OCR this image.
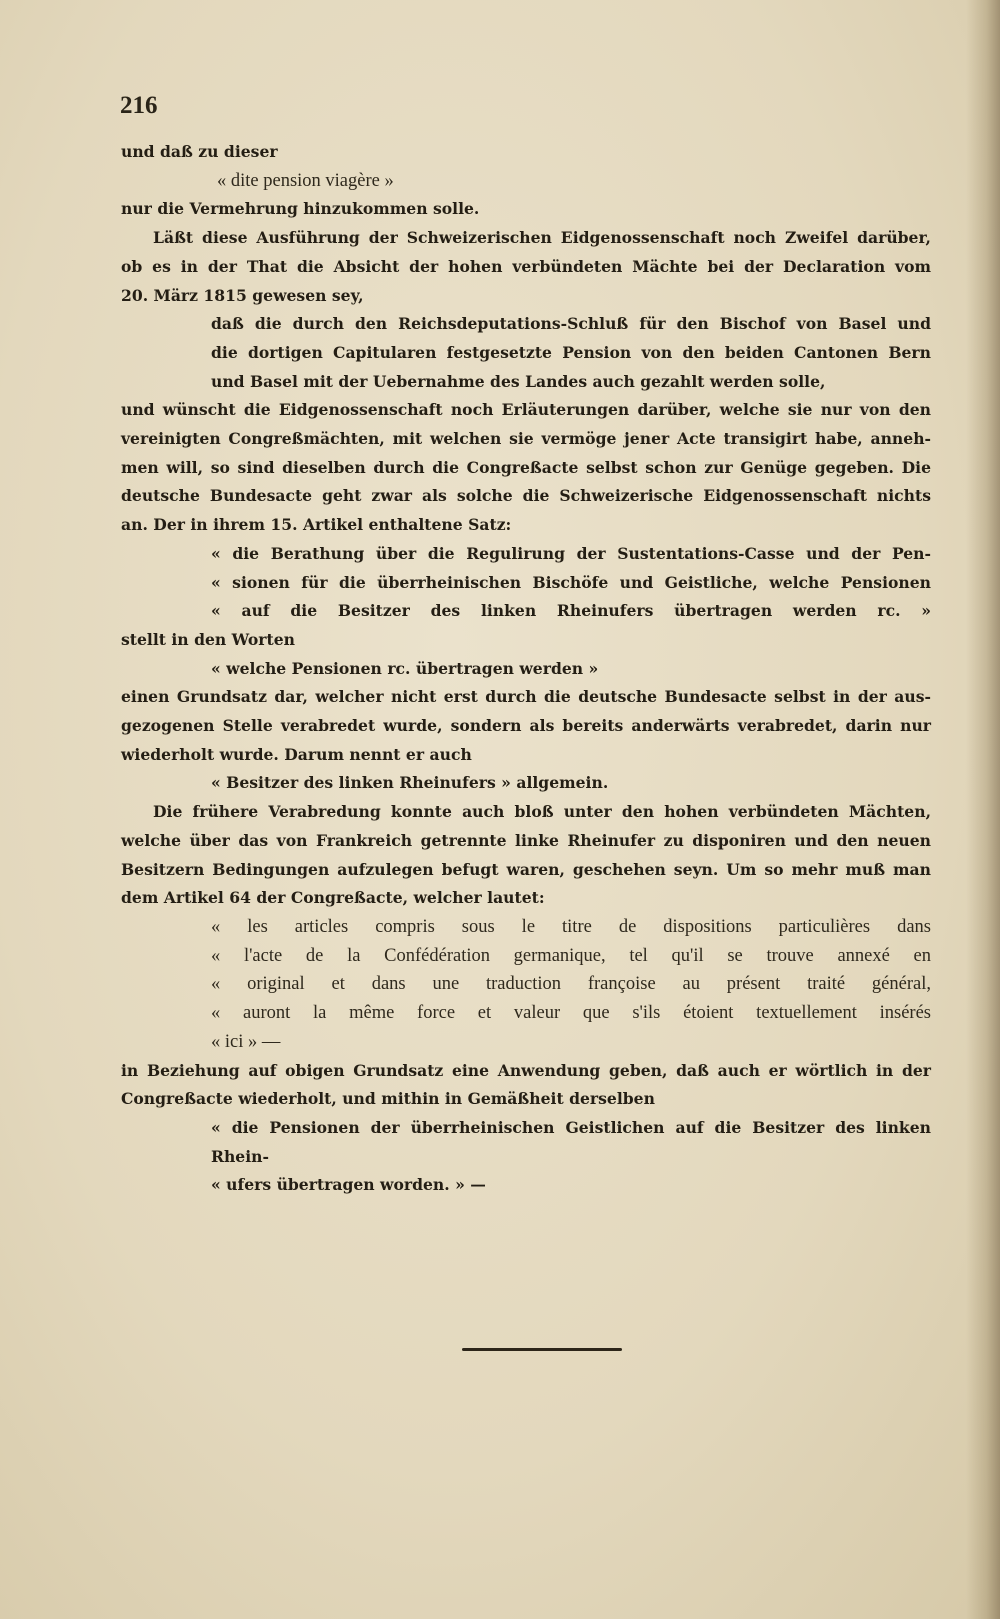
216
und daß zu dieser
« dite pension viagère »
nur die Vermehrung hinzukommen solle.
Läßt diese Ausführung der Schweizerischen Eidgenossenschaft noch Zweifel darüber,
ob es in der That die Absicht der hohen verbündeten Mächte bei der Declaration vom
20. März 1815 gewesen sey,
daß die durch den Reichsdeputations-Schluß für den Bischof von Basel und
die dortigen Capitularen festgesetzte Pension von den beiden Cantonen Bern
und Basel mit der Uebernahme des Landes auch gezahlt werden solle,
und wünscht die Eidgenossenschaft noch Erläuterungen darüber, welche sie nur von den
vereinigten Congreßmächten, mit welchen sie vermöge jener Acte transigirt habe, anneh-
men will, so sind dieselben durch die Congreßacte selbst schon zur Genüge gegeben. Die
deutsche Bundesacte geht zwar als solche die Schweizerische Eidgenossenschaft nichts
an. Der in ihrem 15. Artikel enthaltene Satz:
« die Berathung über die Regulirung der Sustentations-Casse und der Pen-
« sionen für die überrheinischen Bischöfe und Geistliche, welche Pensionen
« auf die Besitzer des linken Rheinufers übertragen werden rc. »
stellt in den Worten
« welche Pensionen rc. übertragen werden »
einen Grundsatz dar, welcher nicht erst durch die deutsche Bundesacte selbst in der aus-
gezogenen Stelle verabredet wurde, sondern als bereits anderwärts verabredet, darin nur
wiederholt wurde. Darum nennt er auch
« Besitzer des linken Rheinufers » allgemein.
Die frühere Verabredung konnte auch bloß unter den hohen verbündeten Mächten,
welche über das von Frankreich getrennte linke Rheinufer zu disponiren und den neuen
Besitzern Bedingungen aufzulegen befugt waren, geschehen seyn. Um so mehr muß man
dem Artikel 64 der Congreßacte, welcher lautet:
« les articles compris sous le titre de dispositions particulières dans
« l'acte de la Confédération germanique, tel qu'il se trouve annexé en
« original et dans une traduction françoise au présent traité général,
« auront la même force et valeur que s'ils étoient textuellement insérés
« ici » —
in Beziehung auf obigen Grundsatz eine Anwendung geben, daß auch er wörtlich in der
Congreßacte wiederholt, und mithin in Gemäßheit derselben
« die Pensionen der überrheinischen Geistlichen auf die Besitzer des linken Rhein-
« ufers übertragen worden. » —
